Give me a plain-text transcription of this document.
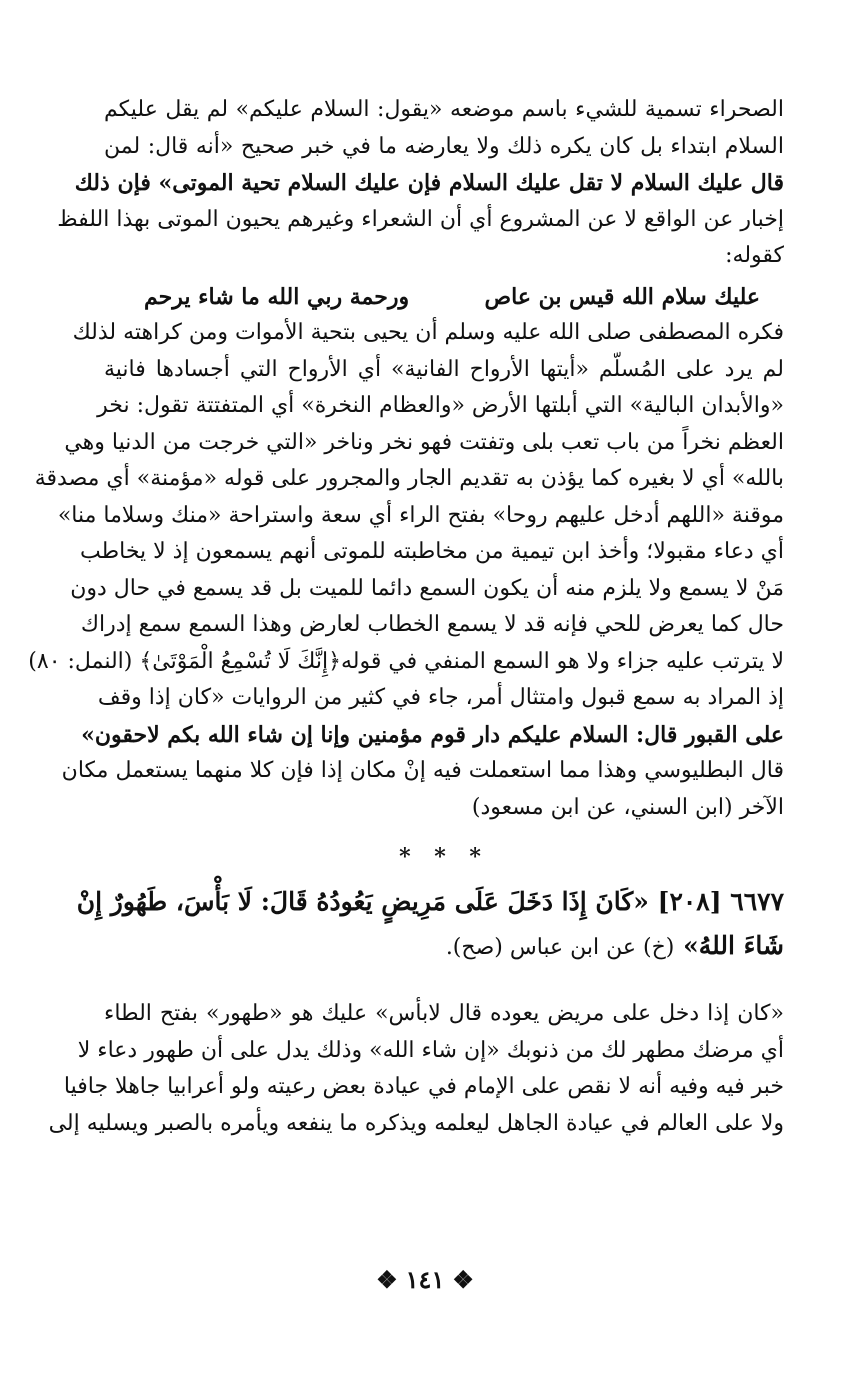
الصحراء تسمية للشيء باسم موضعه «يقول: السلام عليكم» لم يقل عليكم
السلام ابتداء بل كان يكره ذلك ولا يعارضه ما في خبر صحيح «أنه قال: لمن
قال عليك السلام لا تقل عليك السلام فإن عليك السلام تحية الموتى» فإن ذلك
إخبار عن الواقع لا عن المشروع أي أن الشعراء وغيرهم يحيون الموتى بهذا اللفظ
كقوله:
عليك سلام الله قيس بن عاص
ورحمة ربي الله ما شاء يرحم
فكره المصطفى صلى الله عليه وسلم أن يحيى بتحية الأموات ومن كراهته لذلك
لم يرد على المُسلّم «أيتها الأرواح الفانية» أي الأرواح التي أجسادها فانية
«والأبدان البالية» التي أبلتها الأرض «والعظام النخرة» أي المتفتتة تقول: نخر
العظم نخراً من باب تعب بلى وتفتت فهو نخر وناخر «التي خرجت من الدنيا وهي
بالله» أي لا بغيره كما يؤذن به تقديم الجار والمجرور على قوله «مؤمنة» أي مصدقة
موقنة «اللهم أدخل عليهم روحا» بفتح الراء أي سعة واستراحة «منك وسلاما منا»
أي دعاء مقبولا؛ وأخذ ابن تيمية من مخاطبته للموتى أنهم يسمعون إذ لا يخاطب
مَنْ لا يسمع ولا يلزم منه أن يكون السمع دائما للميت بل قد يسمع في حال دون
حال كما يعرض للحي فإنه قد لا يسمع الخطاب لعارض وهذا السمع سمع إدراك
لا يترتب عليه جزاء ولا هو السمع المنفي في قوله﴿إِنَّكَ لَا تُسْمِعُ الْمَوْتَىٰ﴾ (النمل: ٨٠)
إذ المراد به سمع قبول وامتثال أمر، جاء في كثير من الروايات «كان إذا وقف
على القبور قال: السلام عليكم دار قوم مؤمنين وإنا إن شاء الله بكم لاحقون»
قال البطليوسي وهذا مما استعملت فيه إنْ مكان إذا فإن كلا منهما يستعمل مكان
الآخر (ابن السني، عن ابن مسعود)
* * *
٦٦٧٧ [٢٠٨] «كَانَ إِذَا دَخَلَ عَلَى مَرِيضٍ يَعُودُهُ قَالَ: لَا بَأْسَ، طَهُورٌ إِنْ
شَاءَ اللهُ» (خ) عن ابن عباس (صح).
«كان إذا دخل على مريض يعوده قال لابأس» عليك هو «طهور» بفتح الطاء
أي مرضك مطهر لك من ذنوبك «إن شاء الله» وذلك يدل على أن طهور دعاء لا
خبر فيه وفيه أنه لا نقص على الإمام في عيادة بعض رعيته ولو أعرابيا جاهلا جافيا
ولا على العالم في عيادة الجاهل ليعلمه ويذكره ما ينفعه ويأمره بالصبر ويسليه إلى
❖ ١٤١ ❖
